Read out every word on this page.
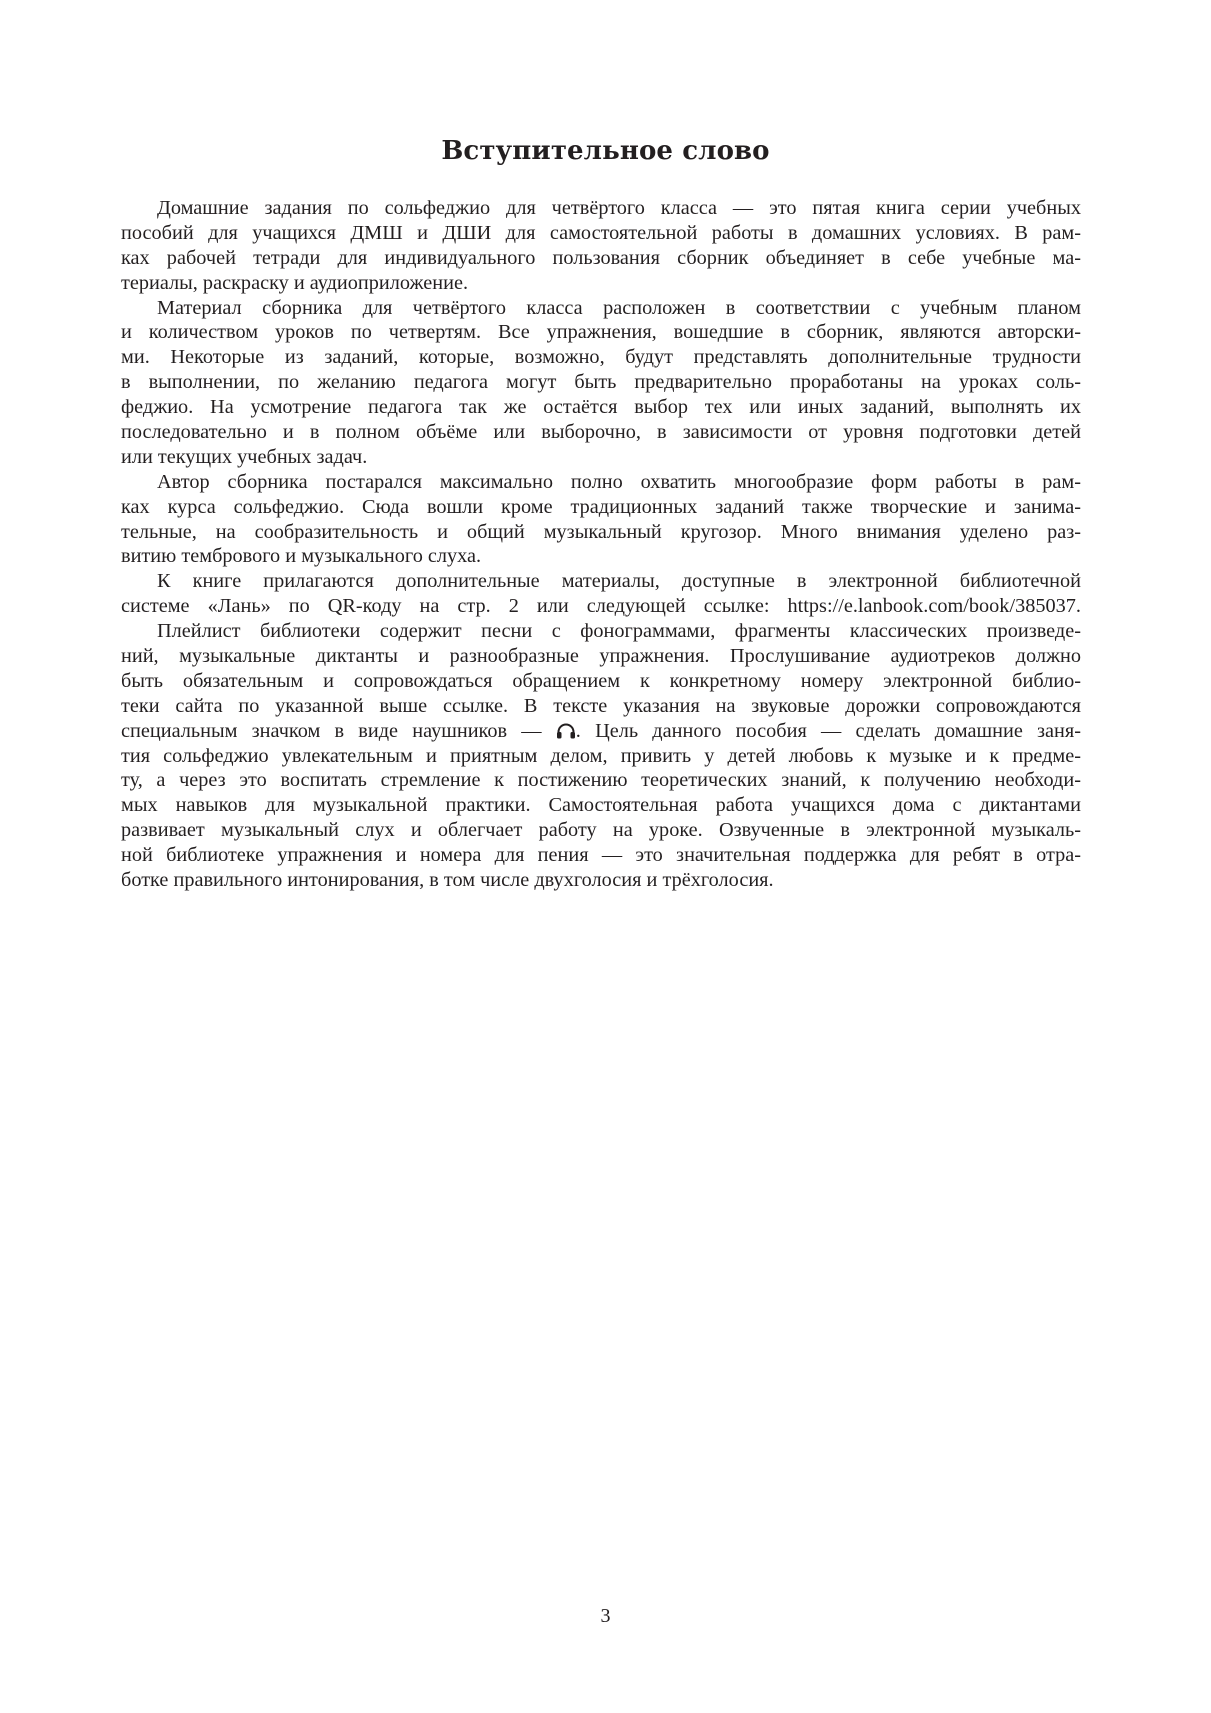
Вступительное слово
Домашние задания по сольфеджио для четвёртого класса — это пятая книга серии учебных
пособий для учащихся ДМШ и ДШИ для самостоятельной работы в домашних условиях. В рам-
ках рабочей тетради для индивидуального пользования сборник объединяет в себе учебные ма-
териалы, раскраску и аудиоприложение.
Материал сборника для четвёртого класса расположен в соответствии с учебным планом
и количеством уроков по четвертям. Все упражнения, вошедшие в сборник, являются авторски-
ми. Некоторые из заданий, которые, возможно, будут представлять дополнительные трудности
в выполнении, по желанию педагога могут быть предварительно проработаны на уроках соль-
феджио. На усмотрение педагога так же остаётся выбор тех или иных заданий, выполнять их
последовательно и в полном объёме или выборочно, в зависимости от уровня подготовки детей
или текущих учебных задач.
Автор сборника постарался максимально полно охватить многообразие форм работы в рам-
ках курса сольфеджио. Сюда вошли кроме традиционных заданий также творческие и занима-
тельные, на сообразительность и общий музыкальный кругозор. Много внимания уделено раз-
витию тембрового и музыкального слуха.
К книге прилагаются дополнительные материалы, доступные в электронной библиотечной
системе «Лань» по QR-коду на стр. 2 или следующей ссылке: https://e.lanbook.com/book/385037.
Плейлист библиотеки содержит песни с фонограммами, фрагменты классических произведе-
ний, музыкальные диктанты и разнообразные упражнения. Прослушивание аудиотреков должно
быть обязательным и сопровождаться обращением к конкретному номеру электронной библио-
теки сайта по указанной выше ссылке. В тексте указания на звуковые дорожки сопровождаются
специальным значком в виде наушников — . Цель данного пособия — сделать домашние заня-
тия сольфеджио увлекательным и приятным делом, привить у детей любовь к музыке и к предме-
ту, а через это воспитать стремление к постижению теоретических знаний, к получению необходи-
мых навыков для музыкальной практики. Самостоятельная работа учащихся дома с диктантами
развивает музыкальный слух и облегчает работу на уроке. Озвученные в электронной музыкаль-
ной библиотеке упражнения и номера для пения — это значительная поддержка для ребят в отра-
ботке правильного интонирования, в том числе двухголосия и трёхголосия.
3
